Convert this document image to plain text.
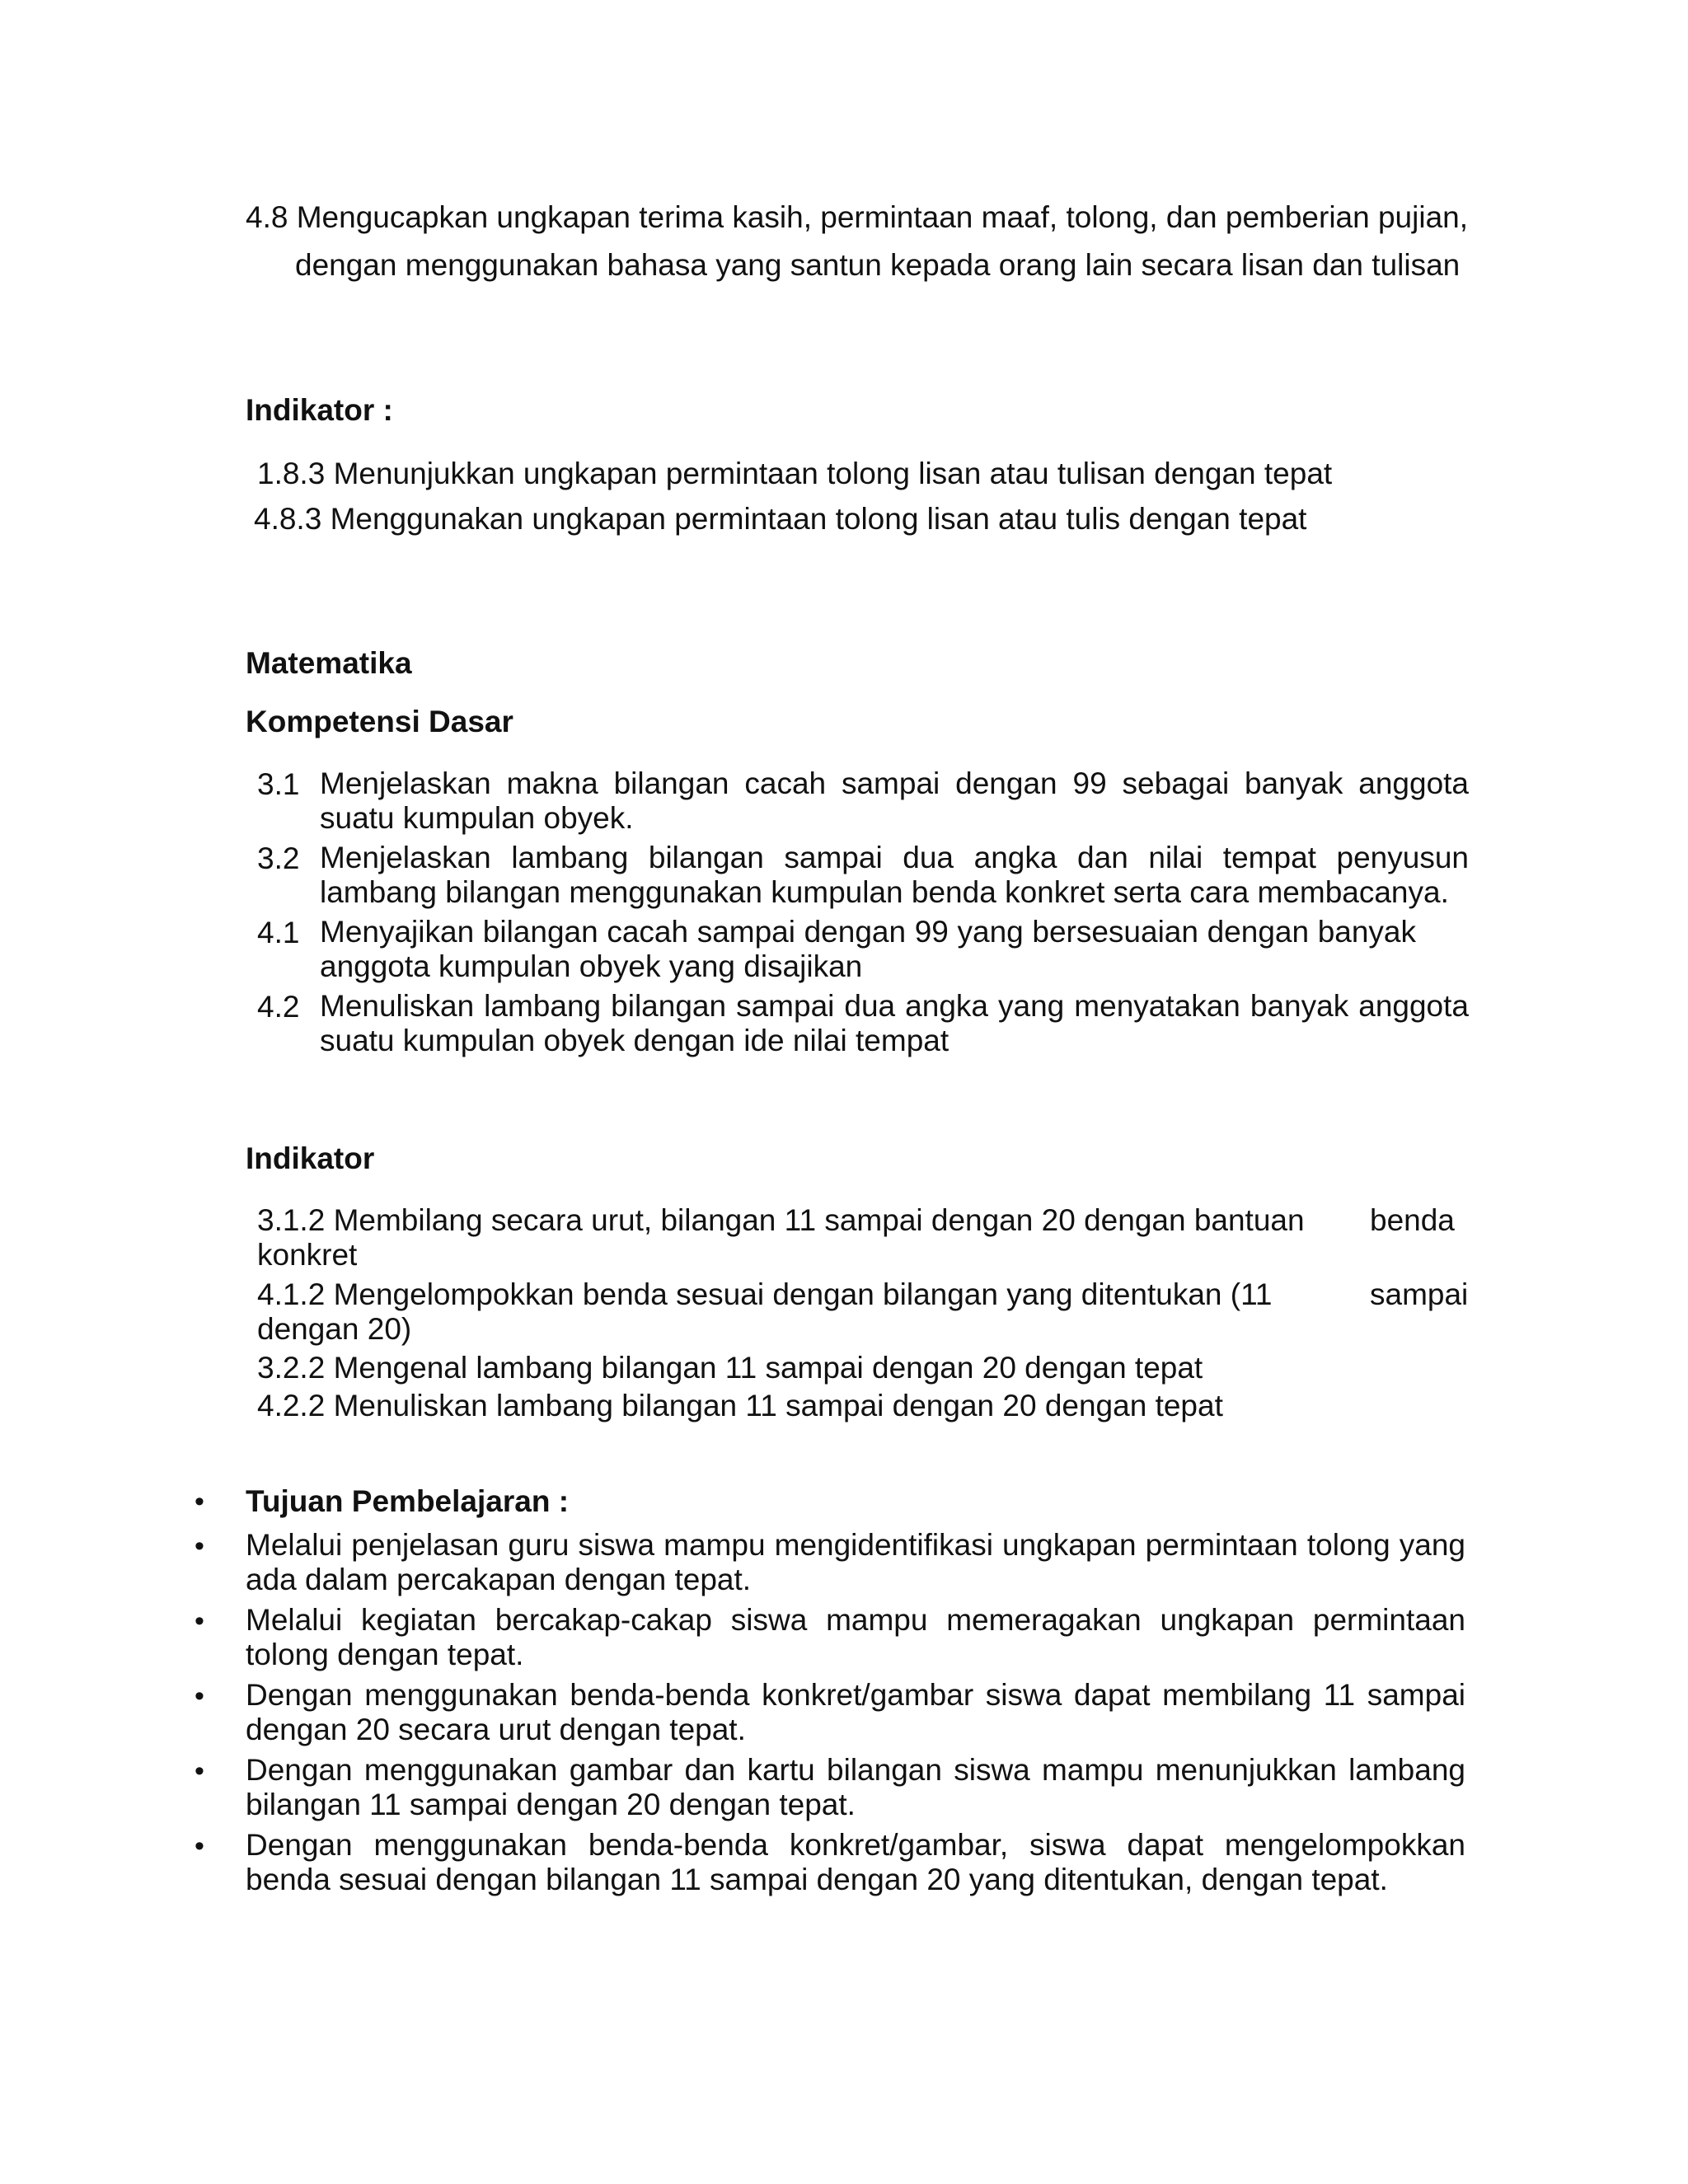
4.8 Mengucapkan ungkapan terima kasih, permintaan maaf, tolong, dan pemberian pujian,
dengan menggunakan bahasa yang santun kepada orang lain secara lisan dan tulisan
Indikator :
1.8.3 Menunjukkan ungkapan permintaan tolong lisan atau tulisan dengan tepat
4.8.3 Menggunakan ungkapan permintaan tolong lisan atau tulis dengan tepat
Matematika
Kompetensi Dasar
3.1 Menjelaskan makna bilangan cacah sampai dengan 99 sebagai banyak anggota suatu kumpulan obyek.
3.2 Menjelaskan lambang bilangan sampai dua angka dan nilai tempat penyusun lambang bilangan menggunakan kumpulan benda konkret serta cara membacanya.
4.1 Menyajikan bilangan cacah sampai dengan 99 yang bersesuaian dengan banyak anggota kumpulan obyek yang disajikan
4.2 Menuliskan lambang bilangan sampai dua angka yang menyatakan banyak anggota suatu kumpulan obyek dengan ide nilai tempat
Indikator
3.1.2 Membilang secara urut, bilangan 11 sampai dengan 20 dengan bantuan benda
konkret
4.1.2 Mengelompokkan benda sesuai dengan bilangan yang ditentukan (11	sampai
dengan 20)
3.2.2 Mengenal lambang bilangan 11 sampai dengan 20 dengan tepat
4.2.2 Menuliskan lambang bilangan 11 sampai dengan 20 dengan tepat
• Tujuan Pembelajaran :
• Melalui penjelasan guru siswa mampu mengidentifikasi ungkapan permintaan tolong yang ada dalam percakapan dengan tepat.
• Melalui kegiatan bercakap-cakap siswa mampu memeragakan ungkapan permintaan tolong dengan tepat.
• Dengan menggunakan benda-benda konkret/gambar siswa dapat membilang 11 sampai dengan 20 secara urut dengan tepat.
• Dengan menggunakan gambar dan kartu bilangan siswa mampu menunjukkan lambang bilangan 11 sampai dengan 20 dengan tepat.
• Dengan menggunakan benda-benda konkret/gambar, siswa dapat mengelompokkan benda sesuai dengan bilangan 11 sampai dengan 20 yang ditentukan, dengan tepat.
